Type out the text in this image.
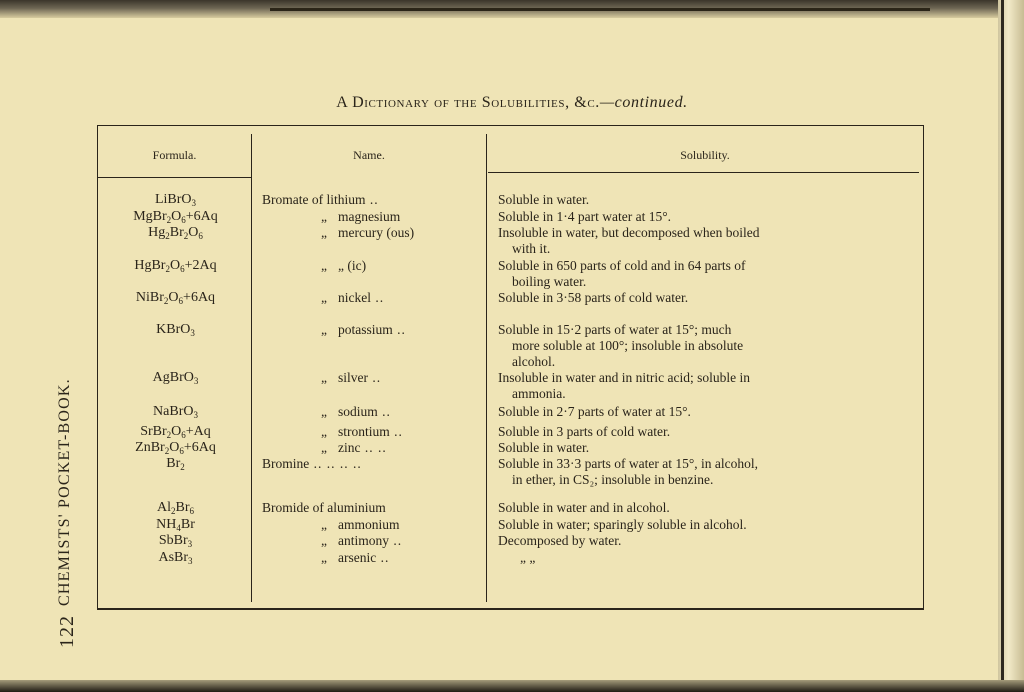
CHEMISTS' POCKET-BOOK.
122
A Dictionary of the Solubilities, &c.—continued.
Formula.	Name.	Solubility.
LiBrO$_3$	Bromate of lithium ..	Soluble in water.
$MgBr_2O_6+6Aq$	„ magnesium	Soluble in 1·4 part water at 15°.
$Hg_2Br_2O_6$	„ mercury (ous)	Insoluble in water, but decomposed when boiled
with it.
$HgBr_2O_6+2Aq$	„ „ (ic)	Soluble in 650 parts of cold and in 64 parts of
boiling water.
$NiBr_2O_6+6Aq$	„ nickel ..	Soluble in 3·58 parts of cold water.
KBrO$_3$	„ potassium ..	Soluble in 15·2 parts of water at 15°; much
more soluble at 100°; insoluble in absolute
alcohol.
AgBrO$_3$	„ silver ..	Insoluble in water and in nitric acid; soluble in
ammonia.
NaBrO$_3$	„ sodium ..	Soluble in 2·7 parts of water at 15°.
$SrBr_2O_6+Aq$	„ strontium ..	Soluble in 3 parts of cold water.
$ZnBr_2O_6+6Aq$	„ zinc .. ..	Soluble in water.
$Br_2$	Bromine .. .. .. ..	Soluble in 33·3 parts of water at 15°, in alcohol,
in ether, in CS₂; insoluble in benzine.
$Al_2Br_6$	Bromide of aluminium	Soluble in water and in alcohol.
$NH_4Br$	„ ammonium	Soluble in water; sparingly soluble in alcohol.
SbBr$_3$	„ antimony ..	Decomposed by water.
AsBr$_3$	„ arsenic ..	„ „
